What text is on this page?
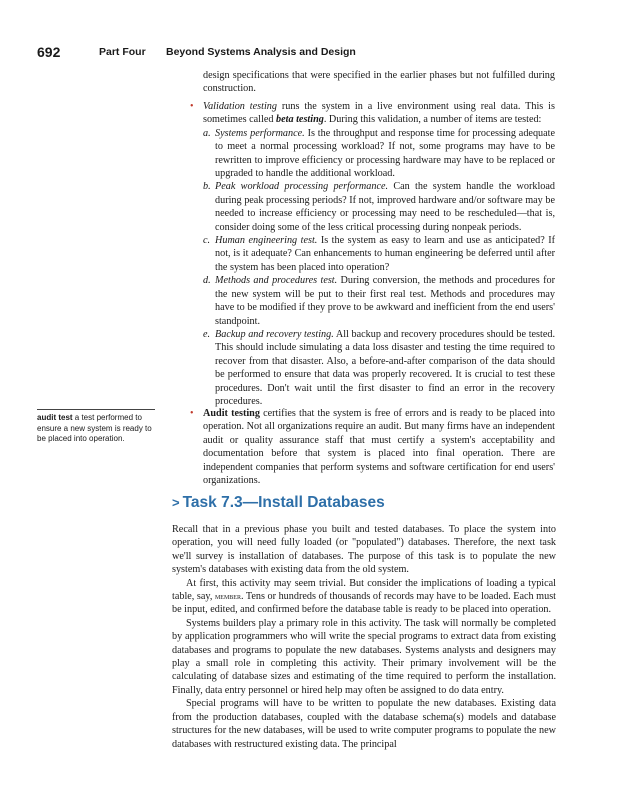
692	Part Four Beyond Systems Analysis and Design
design specifications that were specified in the earlier phases but not fulfilled during construction.
• Validation testing runs the system in a live environment using real data. This is sometimes called beta testing. During this validation, a number of items are tested:
a. Systems performance. Is the throughput and response time for processing adequate to meet a normal processing workload? If not, some programs may have to be rewritten to improve efficiency or processing hardware may have to be replaced or upgraded to handle the additional workload.
b. Peak workload processing performance. Can the system handle the workload during peak processing periods? If not, improved hardware and/or software may be needed to increase efficiency or processing may need to be rescheduled—that is, consider doing some of the less critical processing during nonpeak periods.
c. Human engineering test. Is the system as easy to learn and use as anticipated? If not, is it adequate? Can enhancements to human engineering be deferred until after the system has been placed into operation?
d. Methods and procedures test. During conversion, the methods and procedures for the new system will be put to their first real test. Methods and procedures may have to be modified if they prove to be awkward and inefficient from the end users' standpoint.
e. Backup and recovery testing. All backup and recovery procedures should be tested. This should include simulating a data loss disaster and testing the time required to recover from that disaster. Also, a before-and-after comparison of the data should be performed to ensure that data was properly recovered. It is crucial to test these procedures. Don't wait until the first disaster to find an error in the recovery procedures.
audit test a test performed to ensure a new system is ready to be placed into operation.
• Audit testing certifies that the system is free of errors and is ready to be placed into operation. Not all organizations require an audit. But many firms have an independent audit or quality assurance staff that must certify a system's acceptability and documentation before that system is placed into final operation. There are independent companies that perform systems and software certification for end users' organizations.
> Task 7.3—Install Databases

Recall that in a previous phase you built and tested databases. To place the system into operation, you will need fully loaded (or "populated") databases. Therefore, the next task we'll survey is installation of databases. The purpose of this task is to populate the new system's databases with existing data from the old system.

At first, this activity may seem trivial. But consider the implications of loading a typical table, say, member. Tens or hundreds of thousands of records may have to be loaded. Each must be input, edited, and confirmed before the database table is ready to be placed into operation.

Systems builders play a primary role in this activity. The task will normally be completed by application programmers who will write the special programs to extract data from existing databases and programs to populate the new databases. Systems analysts and designers may play a small role in completing this activity. Their primary involvement will be the calculating of database sizes and estimating of the time required to perform the installation. Finally, data entry personnel or hired help may often be assigned to do data entry.

Special programs will have to be written to populate the new databases. Existing data from the production databases, coupled with the database schema(s) models and database structures for the new databases, will be used to write computer programs to populate the new databases with restructured existing data. The principal
